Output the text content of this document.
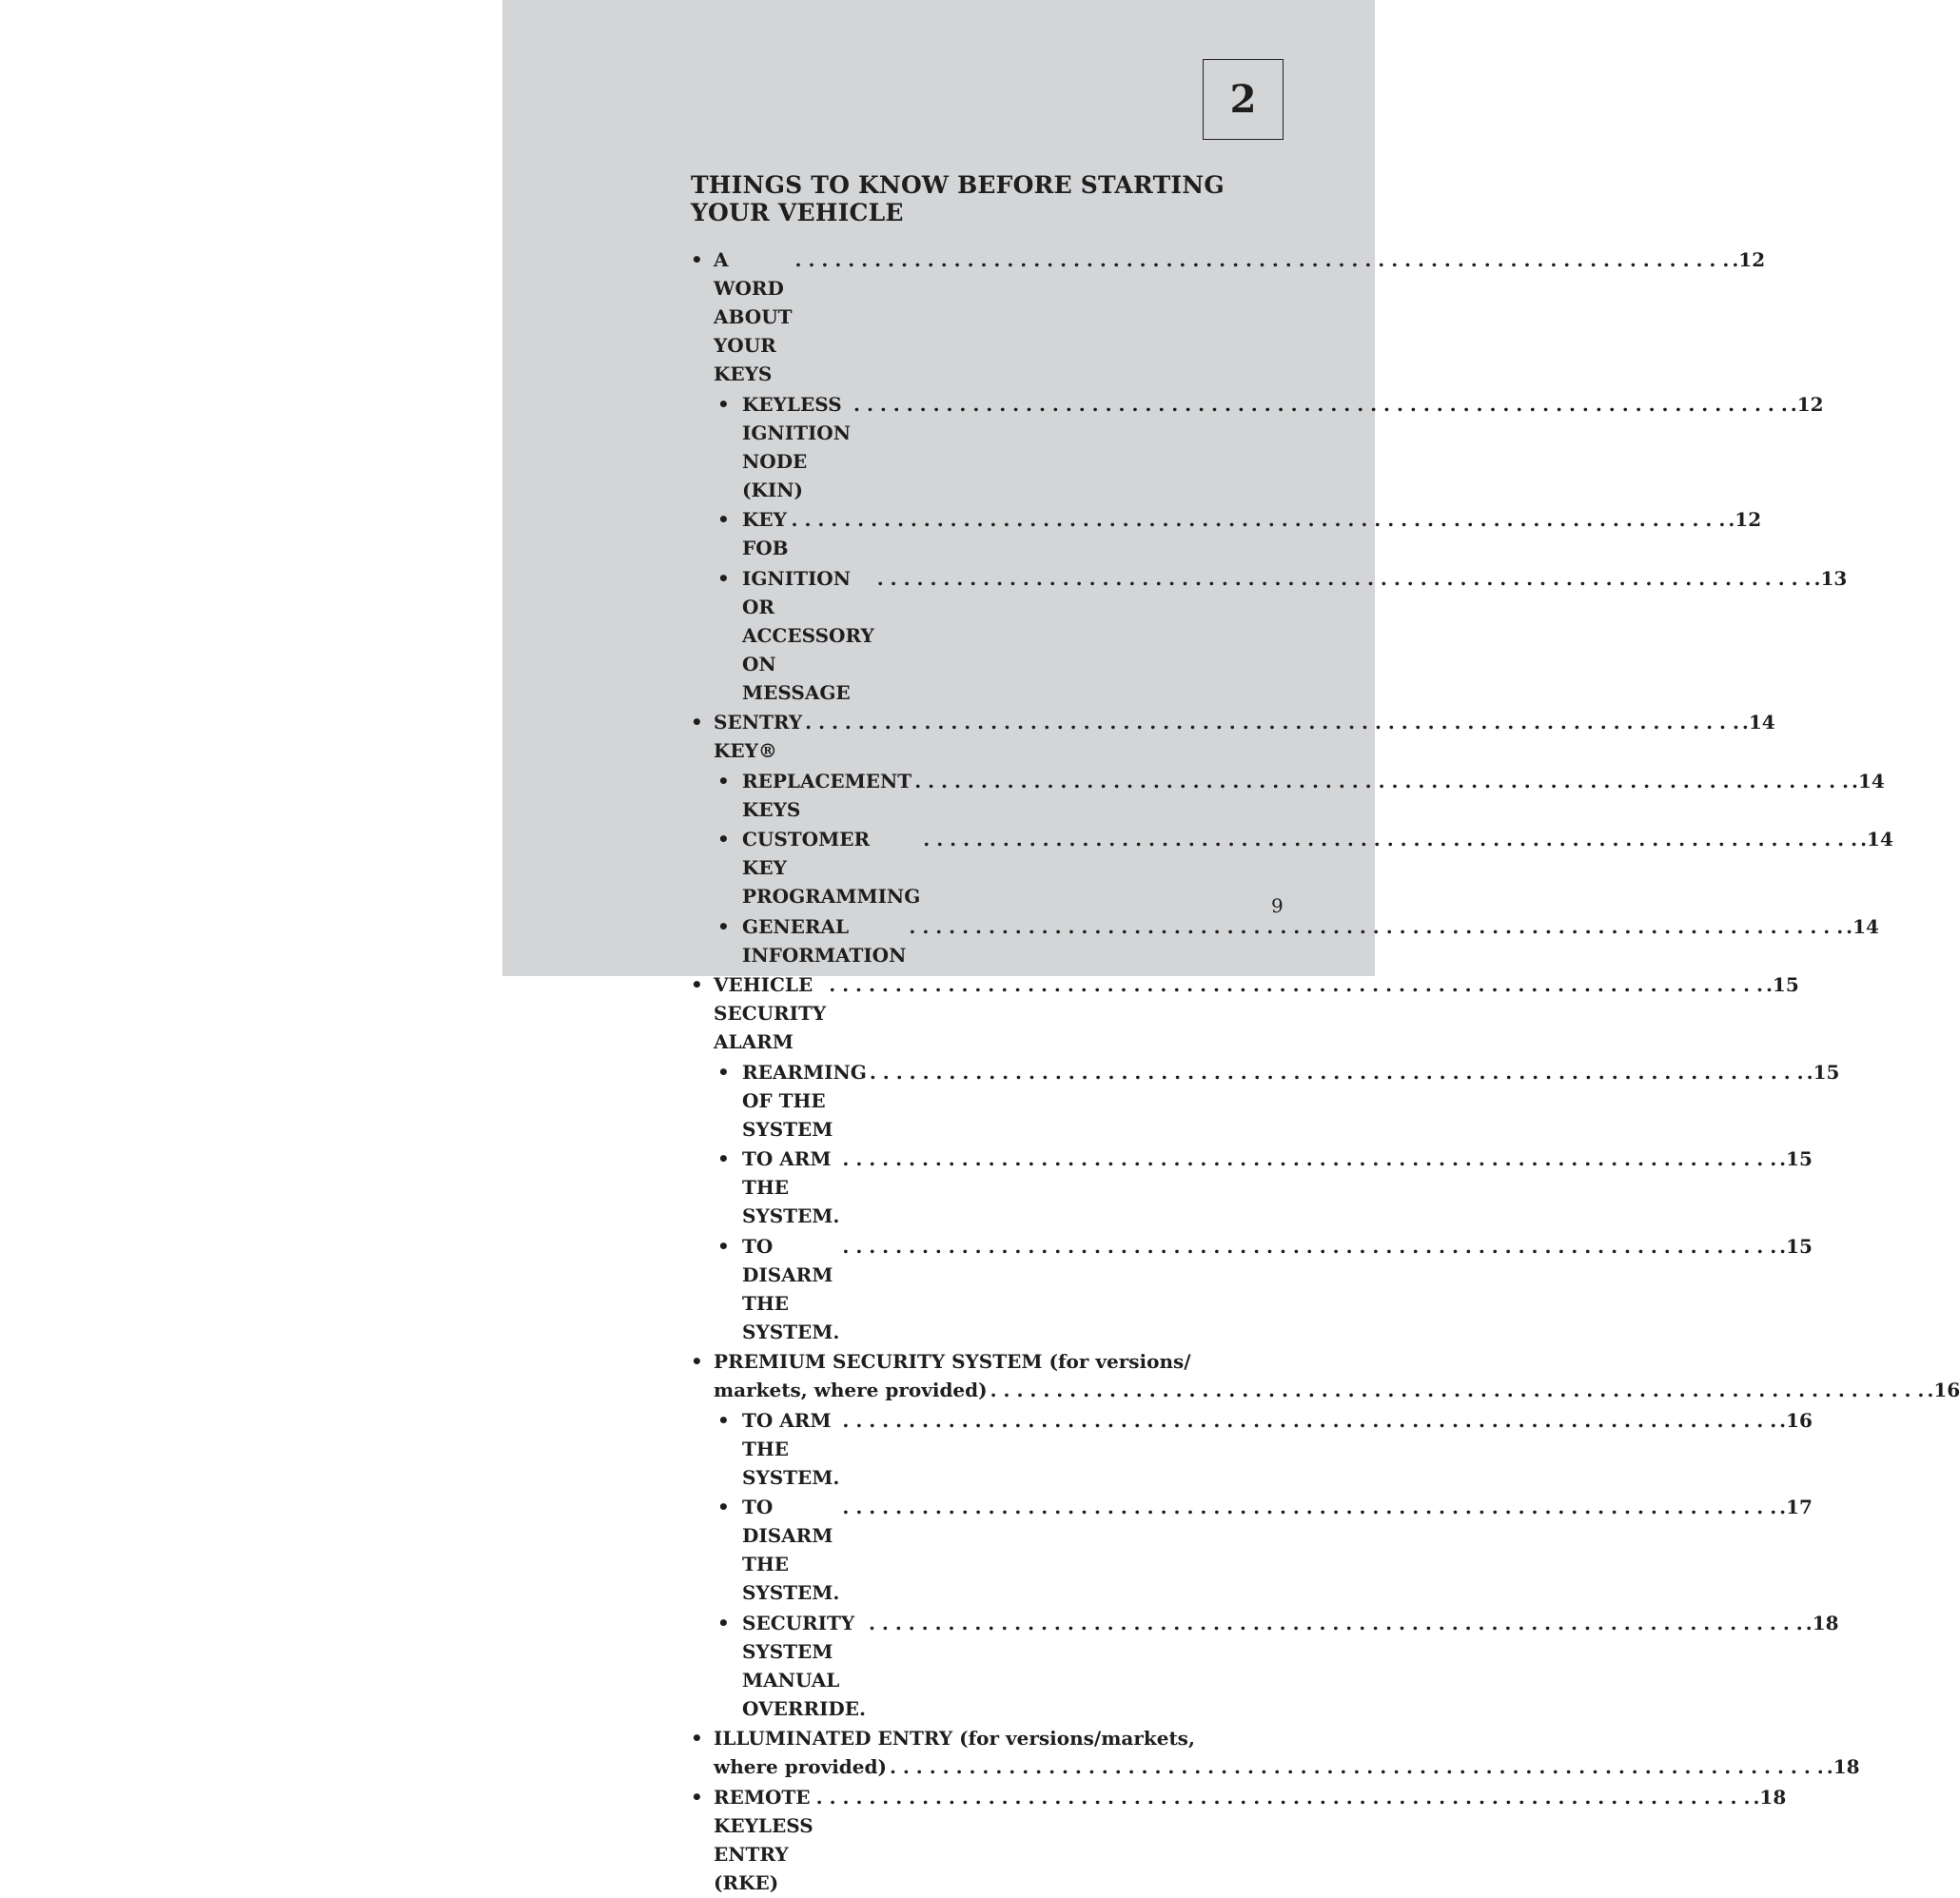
2
THINGS TO KNOW BEFORE STARTING YOUR VEHICLE
• A WORD ABOUT YOUR KEYS
. . .
.12
• KEYLESS IGNITION NODE (KIN)
. . .
.12
• KEY FOB
. . .
.12
• IGNITION OR ACCESSORY ON MESSAGE
. . .
.13
• SENTRY KEY®
. . .
.14
• REPLACEMENT KEYS
. . .
.14
• CUSTOMER KEY PROGRAMMING
. . .
.14
• GENERAL INFORMATION
. . .
.14
• VEHICLE SECURITY ALARM
. . .
.15
• REARMING OF THE SYSTEM
. . .
.15
• TO ARM THE SYSTEM.
. . .
.15
• TO DISARM THE SYSTEM.
. . .
.15
• PREMIUM SECURITY SYSTEM (for versions/
markets, where provided) . . .	.16
• TO ARM THE SYSTEM.
. . .
.16
• TO DISARM THE SYSTEM.
. . .
.17
• SECURITY SYSTEM MANUAL OVERRIDE.
. . .
.18
• ILLUMINATED ENTRY (for versions/markets,
where provided) . . .	.18
• REMOTE KEYLESS ENTRY (RKE)
. . .
.18
9
